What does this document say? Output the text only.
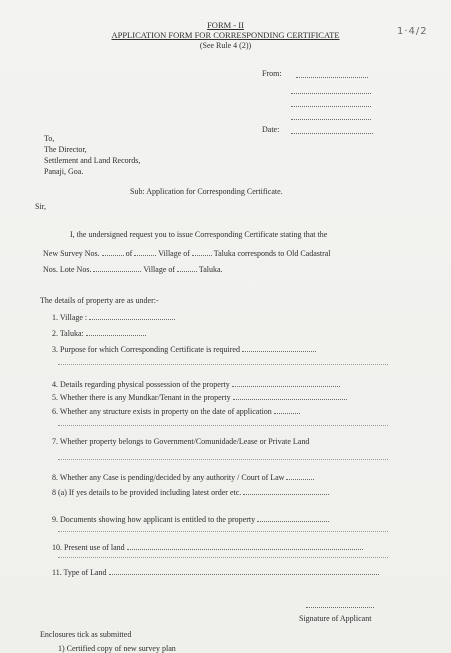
FORM - II
APPLICATION FORM FOR CORRESPONDING CERTIFICATE
(See Rule 4 (2))
1·4/2
From:
Date:
To,
The Director,
Settlement and Land Records,
Panaji, Goa.
Sub: Application for Corresponding Certificate.
Sir,
I, the undersigned request you to issue Corresponding Certificate stating that the
New Survey Nos.	of	Village of	Taluka corresponds to Old Cadastral
Nos. Lote Nos.	Village of	Taluka.
The details of property are as under:-
1. Village :
2. Taluka:
3. Purpose for which Corresponding Certificate is required
4. Details regarding physical possession of the property
5. Whether there is any Mundkar/Tenant in the property
6. Whether any structure exists in property on the date of application
7. Whether property belongs to Government/Comunidade/Lease or Private Land
8. Whether any Case is pending/decided by any authority / Court of Law
8 (a) If yes details to be provided including latest order etc.
9. Documents showing how applicant is entitled to the property
10. Present use of land
11. Type of Land
Signature of Applicant
Enclosures tick as submitted
1) Certified copy of new survey plan
